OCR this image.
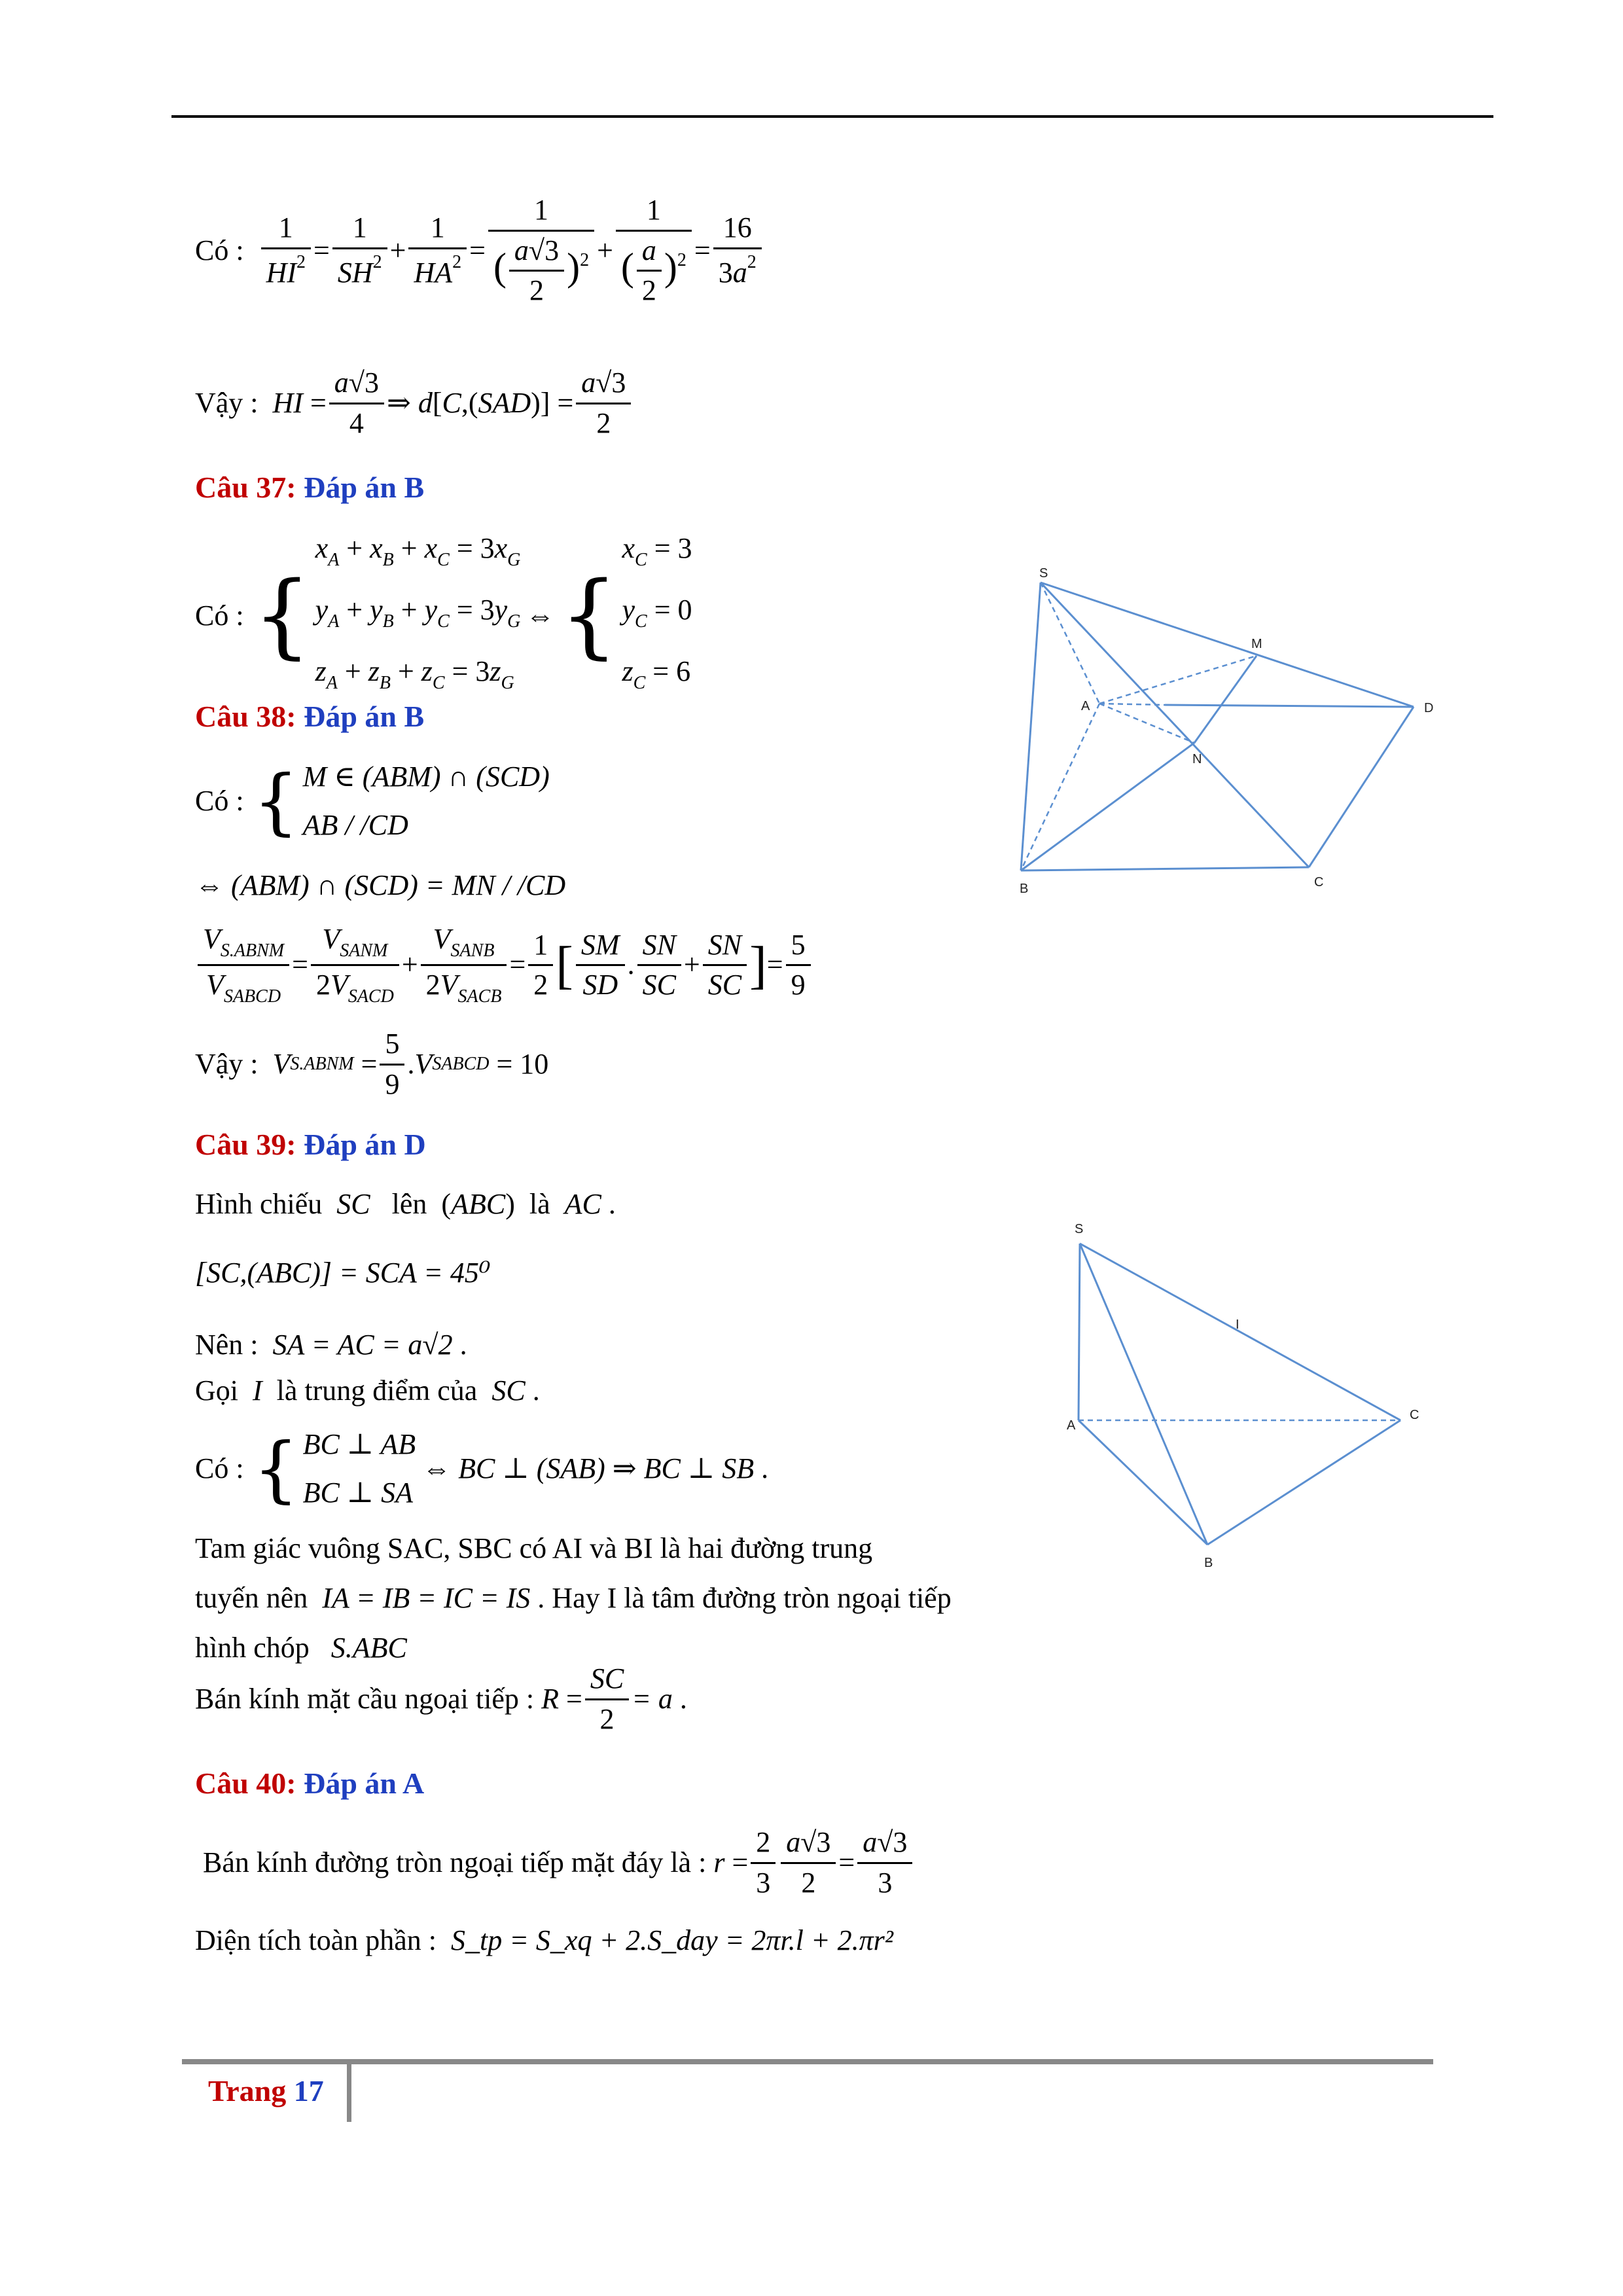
Có :
$\frac{1}{HI^2} = \frac{1}{SH^2} + \frac{1}{HA^2} = \frac{1}{( \frac{a√3}{2} )^2} + \frac{1}{( \frac{a}{2} )^2} = \frac{16}{3a^2}$
Vậy :
HI = $\frac{a√3}{4}$ ⇒ d [ C ,( SAD )] = $\frac{a√3}{2}$
Câu 37: Đáp án B
Có : {
$x_A + x_B + x_C = 3x_G$
$y_A + y_B + y_C = 3y_G$
$z_A + z_B + z_C = 3z_G$
⇔ {
$x_C = 3$
$y_C = 0$
$z_C = 6$
S
M
A	D
N
B	C
Câu 38: Đáp án B
Có : { M ∈ (ABM) ∩ (SCD)
AB / /CD
⇔ (ABM) ∩ (SCD) = MN / /CD
$\frac{V_{S.ABNM}}{V_{SABCD}} = \frac{V_{SANM}}{2V_{SACD}} + \frac{V_{SANB}}{2V_{SACB}} = \frac{1}{2}$ [ $\frac{SM}{SD}$ . $\frac{SN}{SC} + \frac{SN}{SC}$ ] = $\frac{5}{9}$
Vậy :
V S.ABNM = $\frac{5}{9}$ . V SABCD = 10
Câu 39: Đáp án D
Hình chiếu SC lên  (ABC)  là AC .
[SC,(ABC)] = SCA = 45⁰
Nên : SA = AC = a√2 .
Gọi I là trung điểm của SC .
Có : { BC ⊥ AB
BC ⊥ SA
⇔ BC ⊥ (SAB) ⇒ BC ⊥ SB .
Tam giác vuông SAC, SBC có AI và BI là hai đường trung
tuyến nên IA = IB = IC = IS . Hay I là tâm đường tròn ngoại tiếp
hình chóp S.ABC
Bán kính mặt cầu ngoại tiếp :
$R = \frac{SC}{2} = a$ .
S
I
A
C
B
Câu 40: Đáp án A
Bán kính đường tròn ngoại tiếp mặt đáy là :
$r = \frac{2}{3} \frac{a√3}{2} = \frac{a√3}{3}$
Diện tích toàn phần : S_tp = S_xq + 2.S_day = 2πr.l + 2.πr²
Trang 17
